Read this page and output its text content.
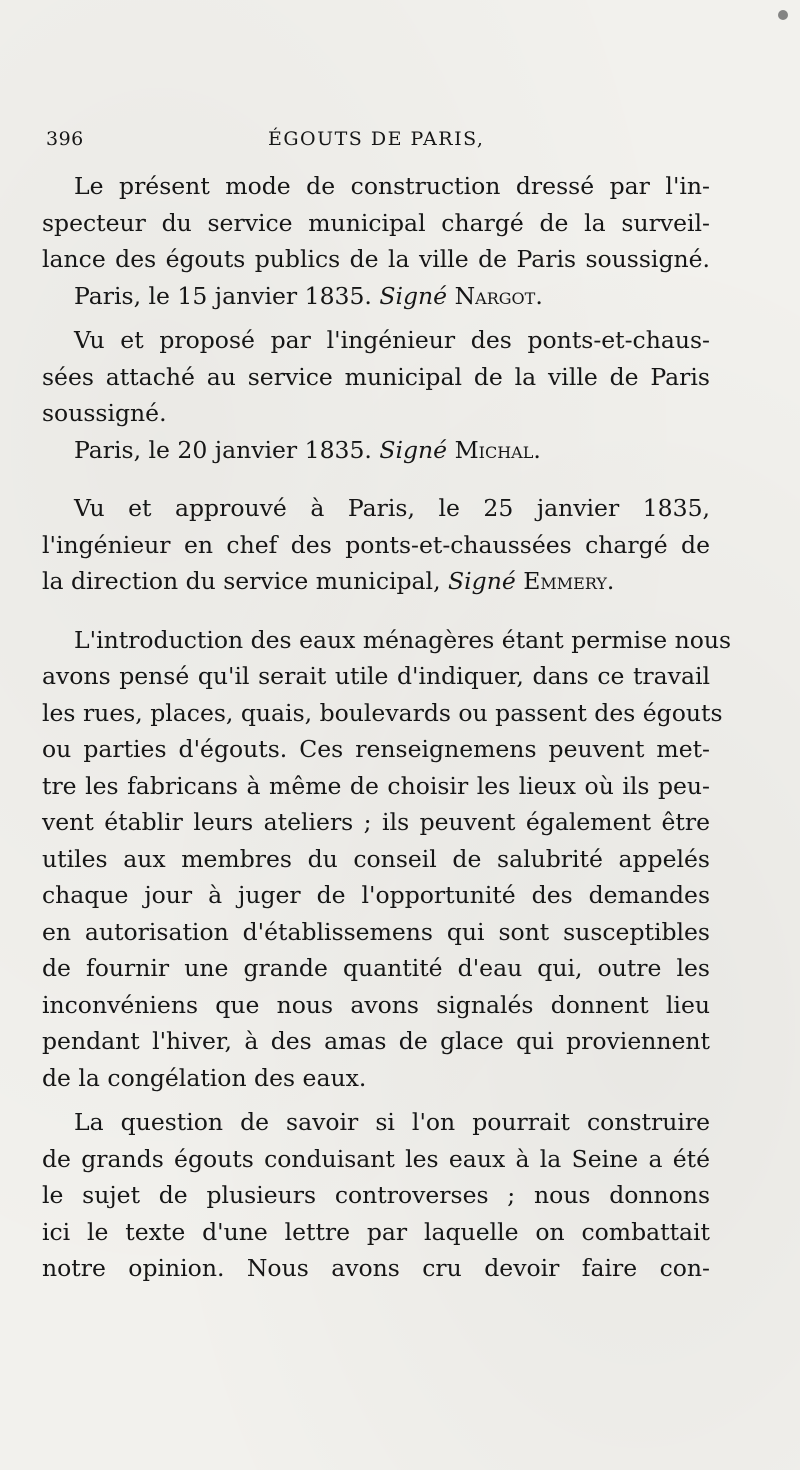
396	ÉGOUTS DE PARIS,
Le présent mode de construction dressé par l'in-
specteur du service municipal chargé de la surveil-
lance des égouts publics de la ville de Paris soussigné.
Paris, le 15 janvier 1835. Signé Nargot.
Vu et proposé par l'ingénieur des ponts-et-chaus-
sées attaché au service municipal de la ville de Paris
soussigné.
Paris, le 20 janvier 1835. Signé Michal.
Vu et approuvé à Paris, le 25 janvier 1835,
l'ingénieur en chef des ponts-et-chaussées chargé de
la direction du service municipal, Signé Emmery.
L'introduction des eaux ménagères étant permise nous
avons pensé qu'il serait utile d'indiquer, dans ce travail
les rues, places, quais, boulevards ou passent des égouts
ou parties d'égouts. Ces renseignemens peuvent met-
tre les fabricans à même de choisir les lieux où ils peu-
vent établir leurs ateliers ; ils peuvent également être
utiles aux membres du conseil de salubrité appelés
chaque jour à juger de l'opportunité des demandes
en autorisation d'établissemens qui sont susceptibles
de fournir une grande quantité d'eau qui, outre les
inconvéniens que nous avons signalés donnent lieu
pendant l'hiver, à des amas de glace qui proviennent
de la congélation des eaux.
La question de savoir si l'on pourrait construire
de grands égouts conduisant les eaux à la Seine a été
le sujet de plusieurs controverses ; nous donnons
ici le texte d'une lettre par laquelle on combattait
notre opinion. Nous avons cru devoir faire con-
